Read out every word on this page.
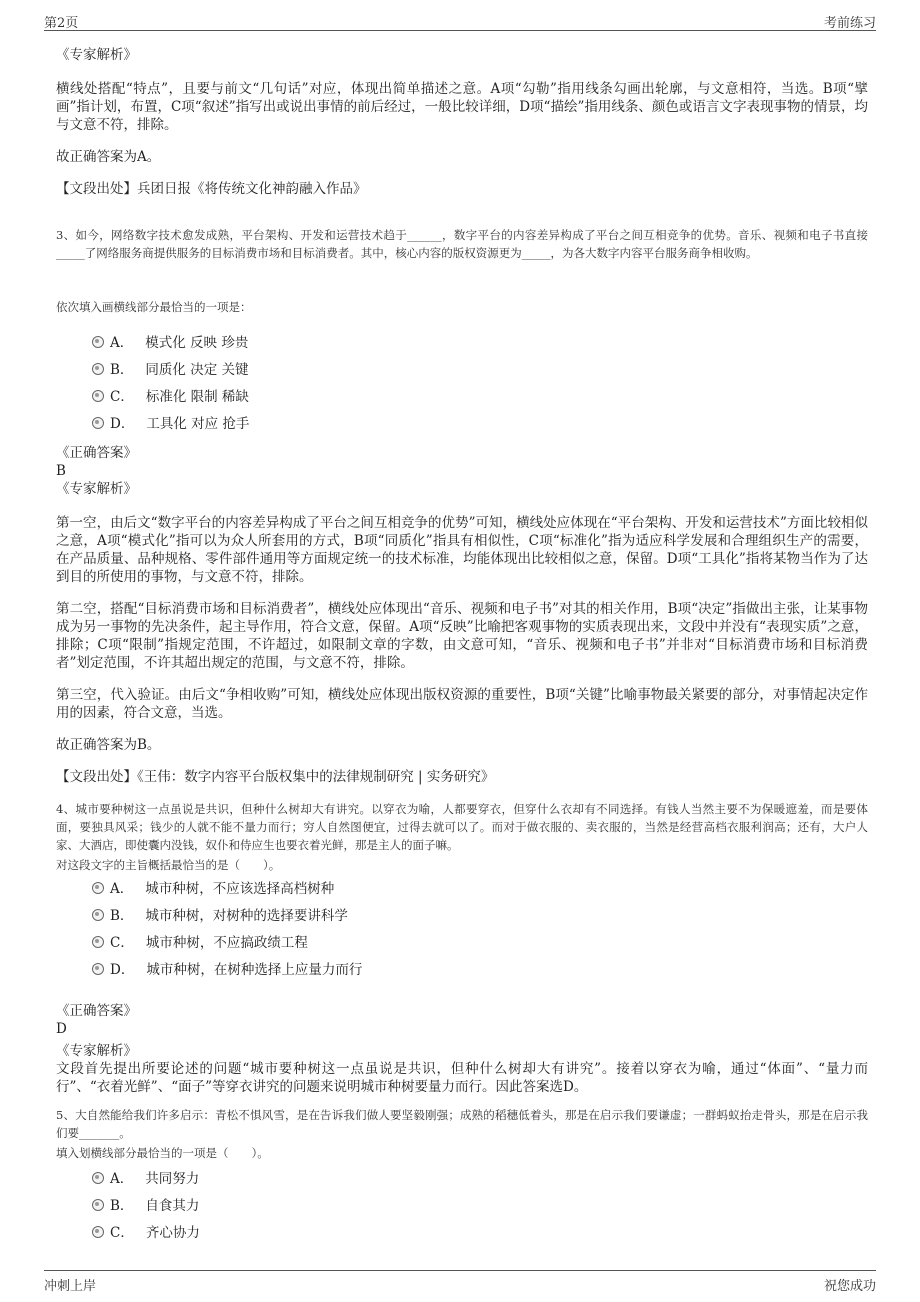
第2页	考前练习

《专家解析》

横线处搭配“特点”，且要与前文“几句话”对应，体现出简单描述之意。A项“勾勒”指用线条勾画出轮廓，与文意相符，当选。B项“擘画”指计划，布置，C项“叙述”指写出或说出事情的前后经过，一般比较详细，D项“描绘”指用线条、颜色或语言文字表现事物的情景，均与文意不符，排除。

故正确答案为A。

【文段出处】兵团日报《将传统文化神韵融入作品》

3、如今，网络数字技术愈发成熟，平台架构、开发和运营技术趋于______，数字平台的内容差异构成了平台之间互相竞争的优势。音乐、视频和电子书直接_____了网络服务商提供服务的目标消费市场和目标消费者。其中，核心内容的版权资源更为_____，为各大数字内容平台服务商争相收购。

依次填入画横线部分最恰当的一项是：

A． 模式化 反映 珍贵
B． 同质化 决定 关键
C． 标准化 限制 稀缺
D． 工具化 对应 抢手

《正确答案》

B

《专家解析》

第一空，由后文“数字平台的内容差异构成了平台之间互相竞争的优势”可知，横线处应体现在“平台架构、开发和运营技术”方面比较相似之意，A项“模式化”指可以为众人所套用的方式，B项“同质化”指具有相似性，C项“标准化”指为适应科学发展和合理组织生产的需要，在产品质量、品种规格、零件部件通用等方面规定统一的技术标准，均能体现出比较相似之意，保留。D项“工具化”指将某物当作为了达到目的所使用的事物，与文意不符，排除。

第二空，搭配“目标消费市场和目标消费者”，横线处应体现出“音乐、视频和电子书”对其的相关作用，B项“决定”指做出主张，让某事物成为另一事物的先决条件，起主导作用，符合文意，保留。A项“反映”比喻把客观事物的实质表现出来，文段中并没有“表现实质”之意，排除；C项“限制”指规定范围，不许超过，如限制文章的字数，由文意可知，“音乐、视频和电子书”并非对“目标消费市场和目标消费者”划定范围，不许其超出规定的范围，与文意不符，排除。

第三空，代入验证。由后文“争相收购”可知，横线处应体现出版权资源的重要性，B项“关键”比喻事物最关紧要的部分，对事情起决定作用的因素，符合文意，当选。

故正确答案为B。

【文段出处】《王伟：数字内容平台版权集中的法律规制研究 | 实务研究》

4、城市要种树这一点虽说是共识，但种什么树却大有讲究。以穿衣为喻，人都要穿衣，但穿什么衣却有不同选择。有钱人当然主要不为保暖遮羞，而是要体面，要独具风采；钱少的人就不能不量力而行；穷人自然图便宜，过得去就可以了。而对于做衣服的、卖衣服的，当然是经营高档衣服利润高；还有，大户人家、大酒店，即使囊内没钱，奴仆和侍应生也要衣着光鲜，那是主人的面子嘛。

对这段文字的主旨概括最恰当的是（　　）。

A． 城市种树，不应该选择高档树种
B． 城市种树，对树种的选择要讲科学
C． 城市种树，不应搞政绩工程
D． 城市种树，在树种选择上应量力而行

《正确答案》

D

《专家解析》

文段首先提出所要论述的问题“城市要种树这一点虽说是共识，但种什么树却大有讲究”。接着以穿衣为喻，通过“体面”、“量力而行”、“衣着光鲜”、“面子”等穿衣讲究的问题来说明城市种树要量力而行。因此答案选D。

5、大自然能给我们许多启示：青松不惧风雪，是在告诉我们做人要坚毅刚强；成熟的稻穗低着头，那是在启示我们要谦虚；一群蚂蚁抬走骨头，那是在启示我们要_______。

填入划横线部分最恰当的一项是（　　）。

A． 共同努力
B． 自食其力
C． 齐心协力
冲刺上岸	祝您成功
